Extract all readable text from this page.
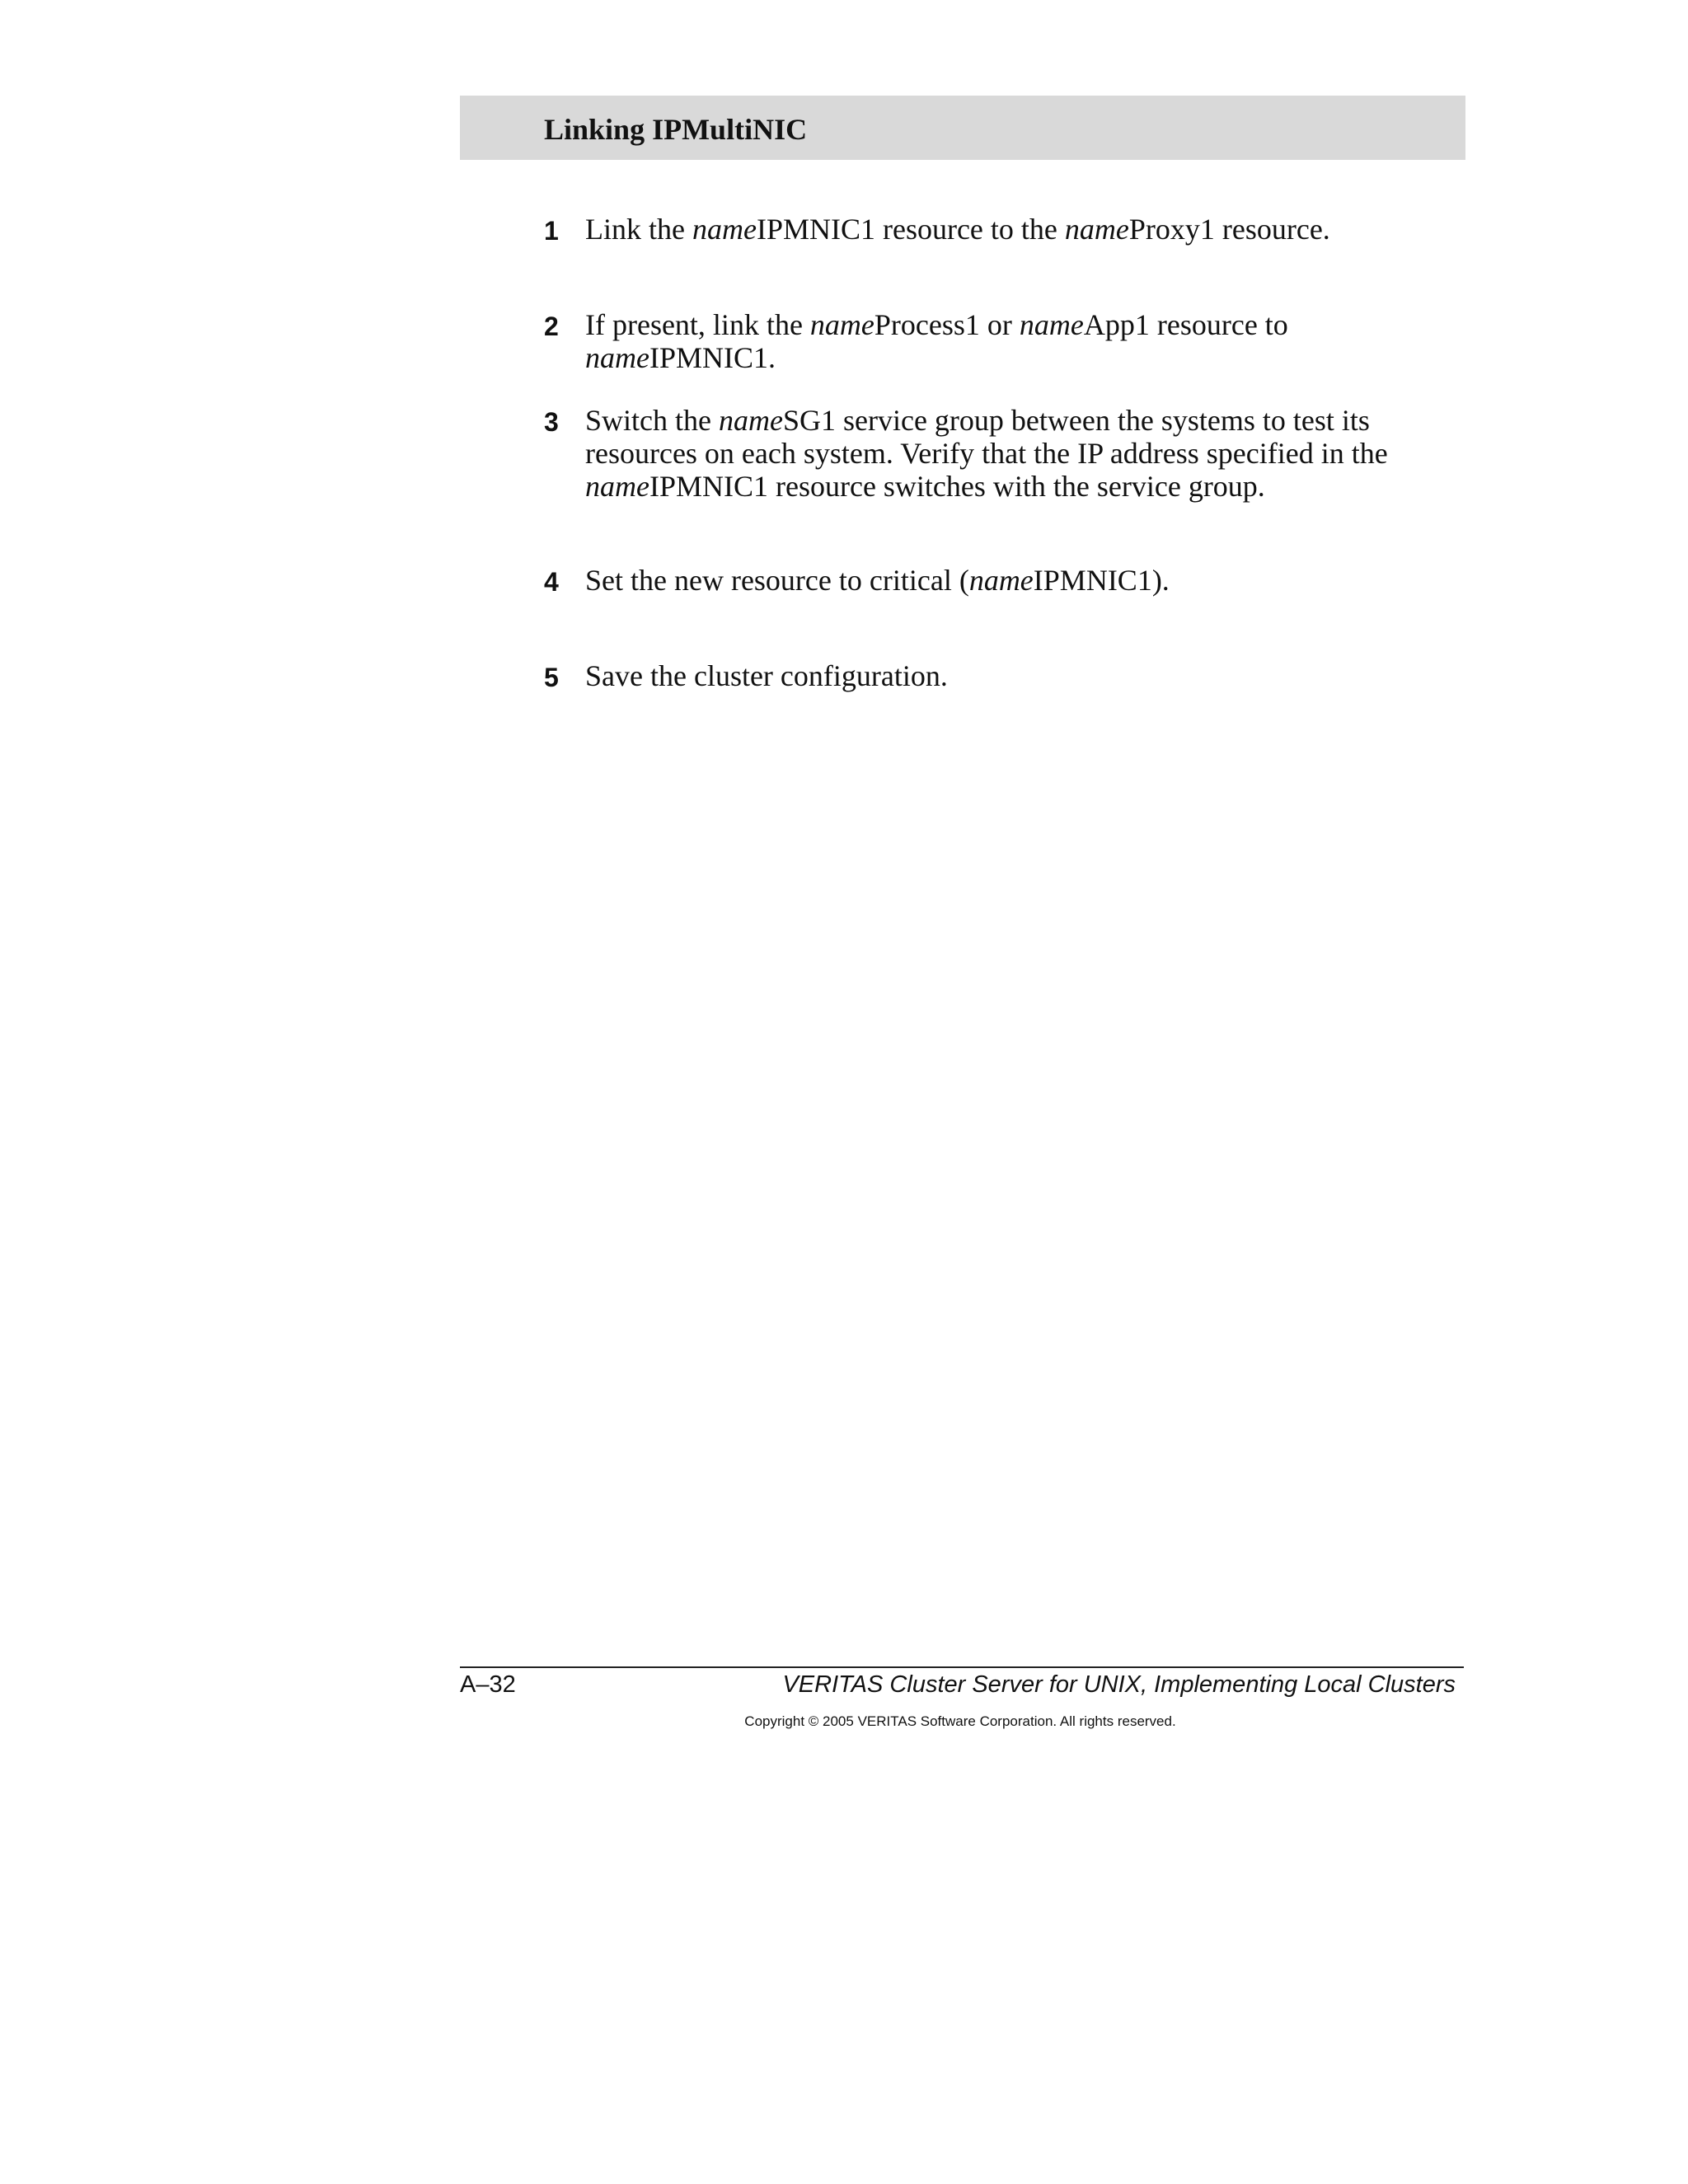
Linking IPMultiNIC
1 Link the nameIPMNIC1 resource to the nameProxy1 resource.
2 If present, link the nameProcess1 or nameApp1 resource to nameIPMNIC1.
3 Switch the nameSG1 service group between the systems to test its resources on each system. Verify that the IP address specified in the nameIPMNIC1 resource switches with the service group.
4 Set the new resource to critical (nameIPMNIC1).
5 Save the cluster configuration.
A–32	VERITAS Cluster Server for UNIX, Implementing Local Clusters
Copyright © 2005 VERITAS Software Corporation. All rights reserved.
